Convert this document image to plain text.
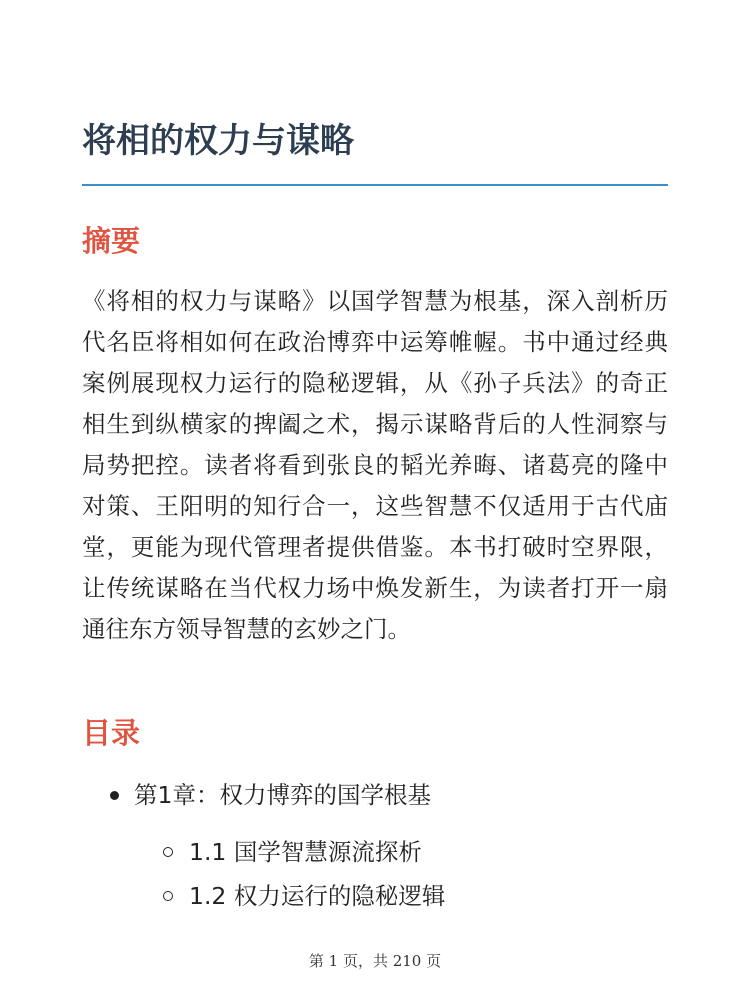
将相的权力与谋略
摘要

《将相的权力与谋略》以国学智慧为根基，深入剖析历代名臣将相如何在政治博弈中运筹帷幄。书中通过经典案例展现权力运行的隐秘逻辑，从《孙子兵法》的奇正相生到纵横家的捭阖之术，揭示谋略背后的人性洞察与局势把控。读者将看到张良的韬光养晦、诸葛亮的隆中对策、王阳明的知行合一，这些智慧不仅适用于古代庙堂，更能为现代管理者提供借鉴。本书打破时空界限，让传统谋略在当代权力场中焕发新生，为读者打开一扇通往东方领导智慧的玄妙之门。

目录
第1章：权力博弈的国学根基
1.1 国学智慧源流探析
1.2 权力运行的隐秘逻辑
第 1 页，共 210 页
